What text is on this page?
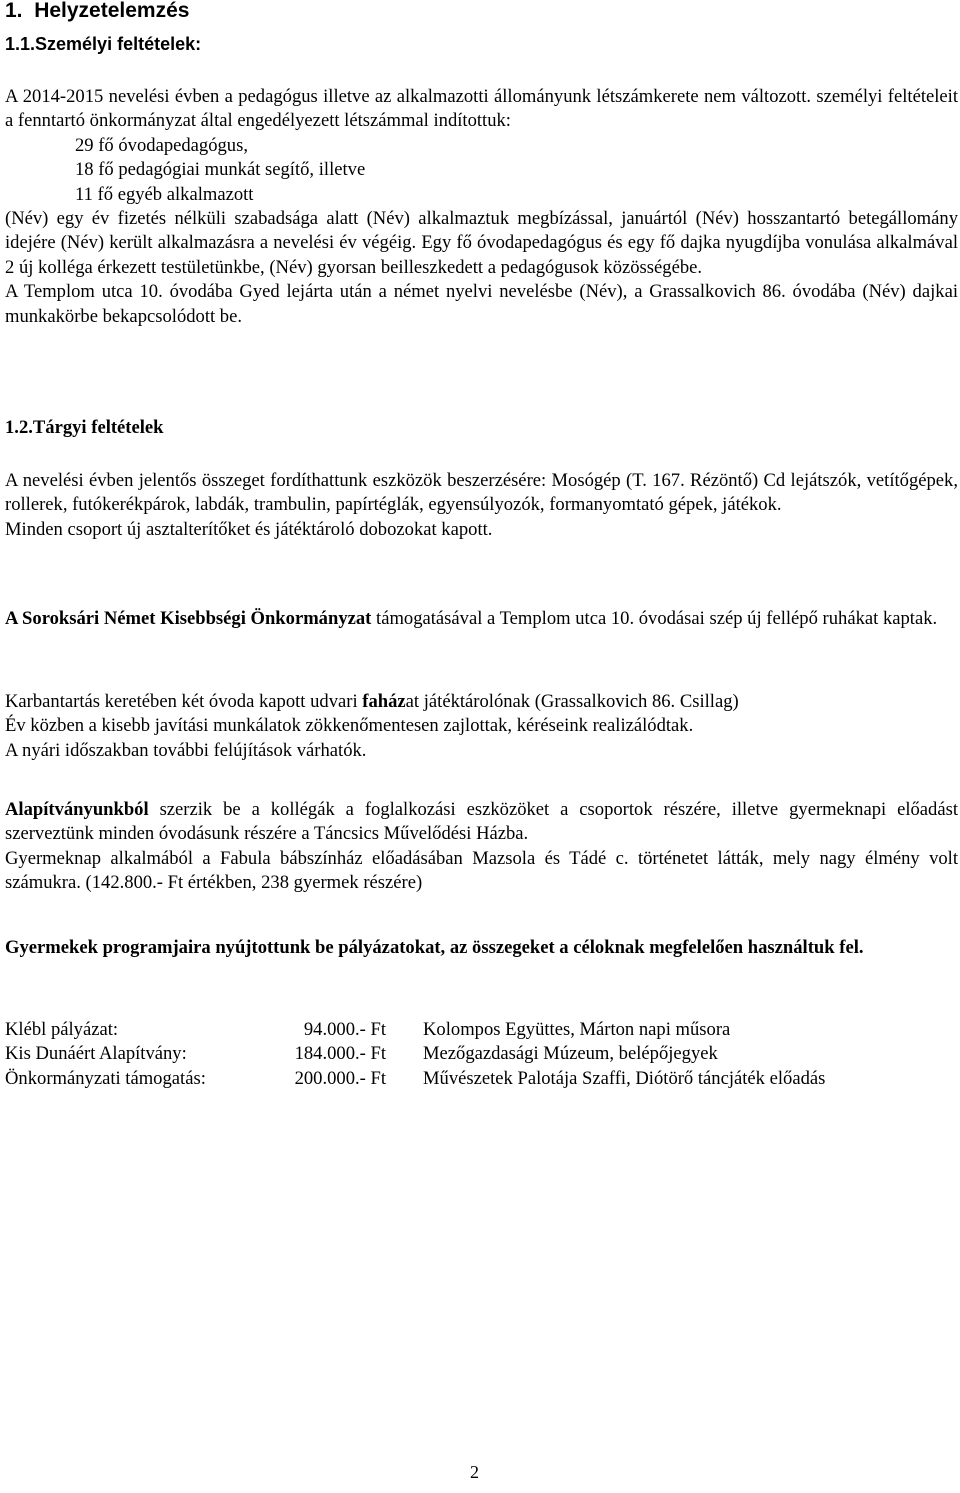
1. Helyzetelemzés
1.1.Személyi feltételek:

A 2014-2015 nevelési évben a pedagógus illetve az alkalmazotti állományunk létszámkerete nem változott. személyi feltételeit a fenntartó önkormányzat által engedélyezett létszámmal indítottuk:

29 fő óvodapedagógus,

18 fő pedagógiai munkát segítő, illetve

11 fő egyéb alkalmazott

(Név) egy év fizetés nélküli szabadsága alatt (Név) alkalmaztuk megbízással, januártól (Név) hosszantartó betegállomány idejére (Név) került alkalmazásra a nevelési év végéig. Egy fő óvodapedagógus és egy fő dajka nyugdíjba vonulása alkalmával 2 új kolléga érkezett testületünkbe, (Név) gyorsan beilleszkedett a pedagógusok közösségébe.

A Templom utca 10. óvodába Gyed lejárta után a német nyelvi nevelésbe (Név), a Grassalkovich 86. óvodába (Név) dajkai munkakörbe bekapcsolódott be.

1.2.Tárgyi feltételek

A nevelési évben jelentős összeget fordíthattunk eszközök beszerzésére: Mosógép (T. 167. Rézöntő) Cd lejátszók, vetítőgépek, rollerek, futókerékpárok, labdák, trambulin, papírtéglák, egyensúlyozók, formanyomtató gépek, játékok.

Minden csoport új asztalterítőket és játéktároló dobozokat kapott.

A Soroksári Német Kisebbségi Önkormányzat támogatásával a Templom utca 10. óvodásai szép új fellépő ruhákat kaptak.

Karbantartás keretében két óvoda kapott udvari faházat játéktárolónak (Grassalkovich 86. Csillag)

Év közben a kisebb javítási munkálatok zökkenőmentesen zajlottak, kéréseink realizálódtak.

A nyári időszakban további felújítások várhatók.

Alapítványunkból szerzik be a kollégák a foglalkozási eszközöket a csoportok részére, illetve gyermeknapi előadást szerveztünk minden óvodásunk részére a Táncsics Művelődési Házba.

Gyermeknap alkalmából a Fabula bábszínház előadásában Mazsola és Tádé c. történetet látták, mely nagy élmény volt számukra. (142.800.- Ft értékben, 238 gyermek részére)

Gyermekek programjaira nyújtottunk be pályázatokat, az összegeket a céloknak megfelelően használtuk fel.
Klébl pályázat:	94.000.- Ft Kolompos Együttes, Márton napi műsora
Kis Dunáért Alapítvány:	184.000.- Ft Mezőgazdasági Múzeum, belépőjegyek
Önkormányzati támogatás:	200.000.- Ft Művészetek Palotája Szaffi, Diótörő táncjáték előadás
2
